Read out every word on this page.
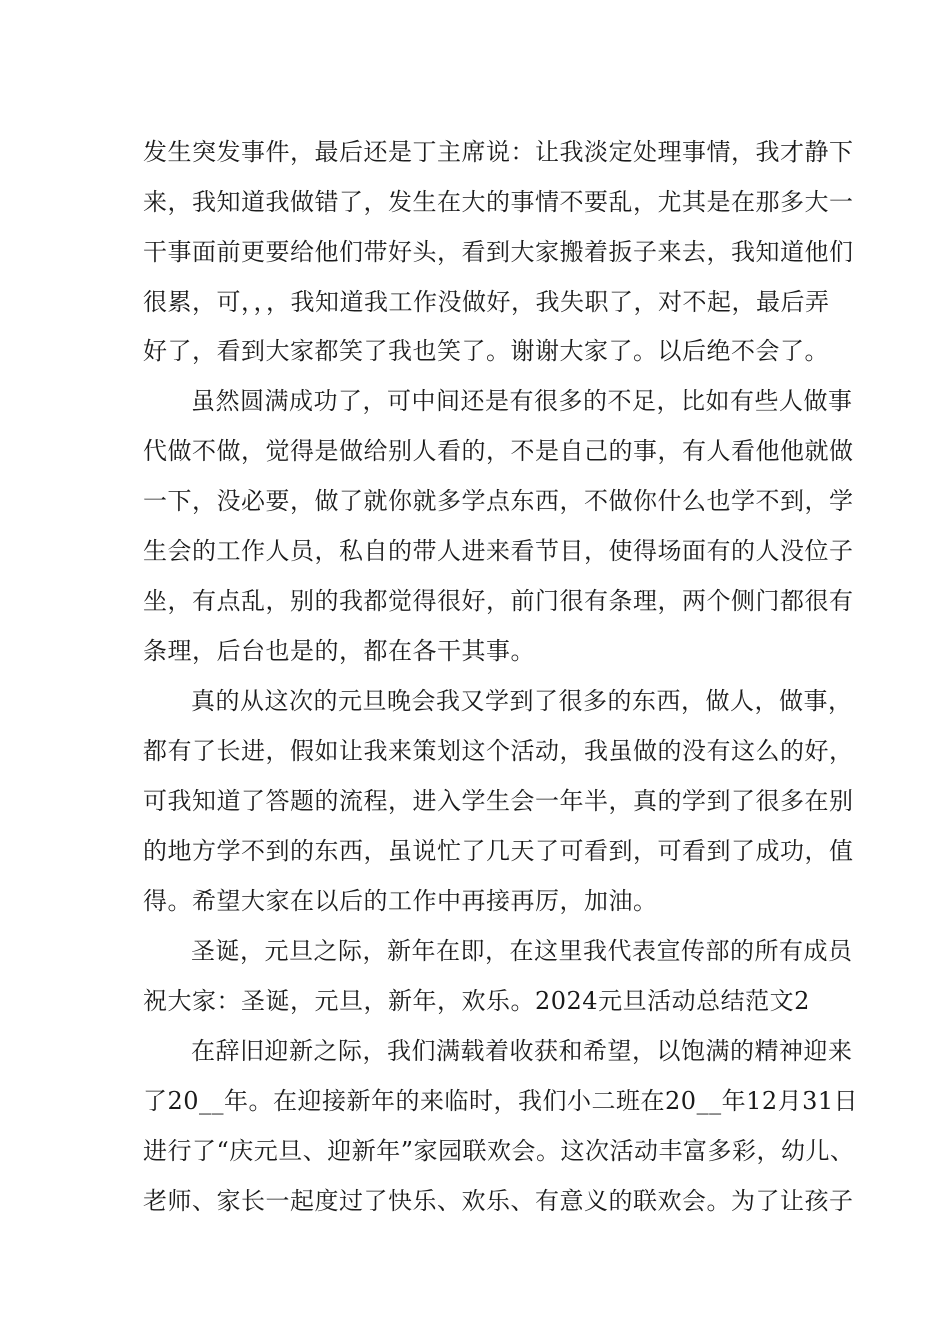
发生突发事件，最后还是丁主席说：让我淡定处理事情，我才静下
来，我知道我做错了，发生在大的事情不要乱，尤其是在那多大一
干事面前更要给他们带好头，看到大家搬着扳子来去，我知道他们
很累，可，，，我知道我工作没做好，我失职了，对不起，最后弄
好了，看到大家都笑了我也笑了。谢谢大家了。以后绝不会了。
虽然圆满成功了，可中间还是有很多的不足，比如有些人做事
代做不做，觉得是做给别人看的，不是自己的事，有人看他他就做
一下，没必要，做了就你就多学点东西，不做你什么也学不到，学
生会的工作人员，私自的带人进来看节目，使得场面有的人没位子
坐，有点乱，别的我都觉得很好，前门很有条理，两个侧门都很有
条理，后台也是的，都在各干其事。
真的从这次的元旦晚会我又学到了很多的东西，做人，做事，
都有了长进，假如让我来策划这个活动，我虽做的没有这么的好，
可我知道了答题的流程，进入学生会一年半，真的学到了很多在别
的地方学不到的东西，虽说忙了几天了可看到，可看到了成功，值
得。希望大家在以后的工作中再接再厉，加油。
圣诞，元旦之际，新年在即，在这里我代表宣传部的所有成员
祝大家：圣诞，元旦，新年，欢乐。2024元旦活动总结范文2
在辞旧迎新之际，我们满载着收获和希望，以饱满的精神迎来
了20__年。在迎接新年的来临时，我们小二班在20__年12月31日
进行了“庆元旦、迎新年”家园联欢会。这次活动丰富多彩，幼儿、
老师、家长一起度过了快乐、欢乐、有意义的联欢会。为了让孩子
